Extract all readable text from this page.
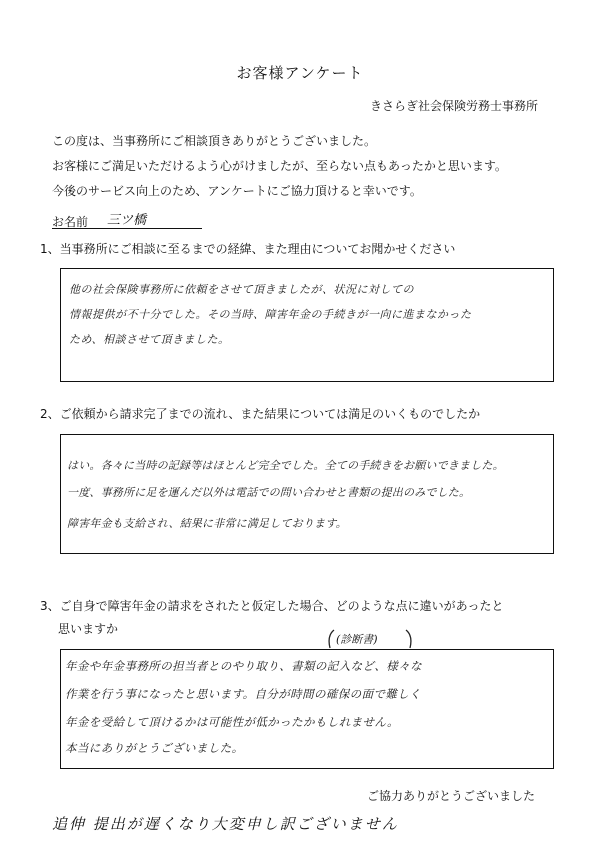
お客様アンケート
きさらぎ社会保険労務士事務所
この度は、当事務所にご相談頂きありがとうございました。
お客様にご満足いただけるよう心がけましたが、至らない点もあったかと思います。
今後のサービス向上のため、アンケートにご協力頂けると幸いです。
お名前 三ツ橋
1、当事務所にご相談に至るまでの経緯、また理由についてお聞かせください
他の社会保険事務所に依頼をさせて頂きましたが、状況に対しての
情報提供が不十分でした。その当時、障害年金の手続きが一向に進まなかった
ため、相談させて頂きました。
2、ご依頼から請求完了までの流れ、また結果については満足のいくものでしたか
はい。各々に当時の記録等はほとんど完全でした。全ての手続きをお願いできました。
一度、事務所に足を運んだ以外は電話での問い合わせと書類の提出のみでした。
障害年金も支給され、結果に非常に満足しております。
3、ご自身で障害年金の請求をされたと仮定した場合、どのような点に違いがあったと
思いますか
(診断書)
年金や年金事務所の担当者とのやり取り、書類の記入など、様々な
作業を行う事になったと思います。自分が時間の確保の面で難しく
年金を受給して頂けるかは可能性が低かったかもしれません。
本当にありがとうございました。
ご協力ありがとうございました
追伸 提出が遅くなり大変申し訳ございません
